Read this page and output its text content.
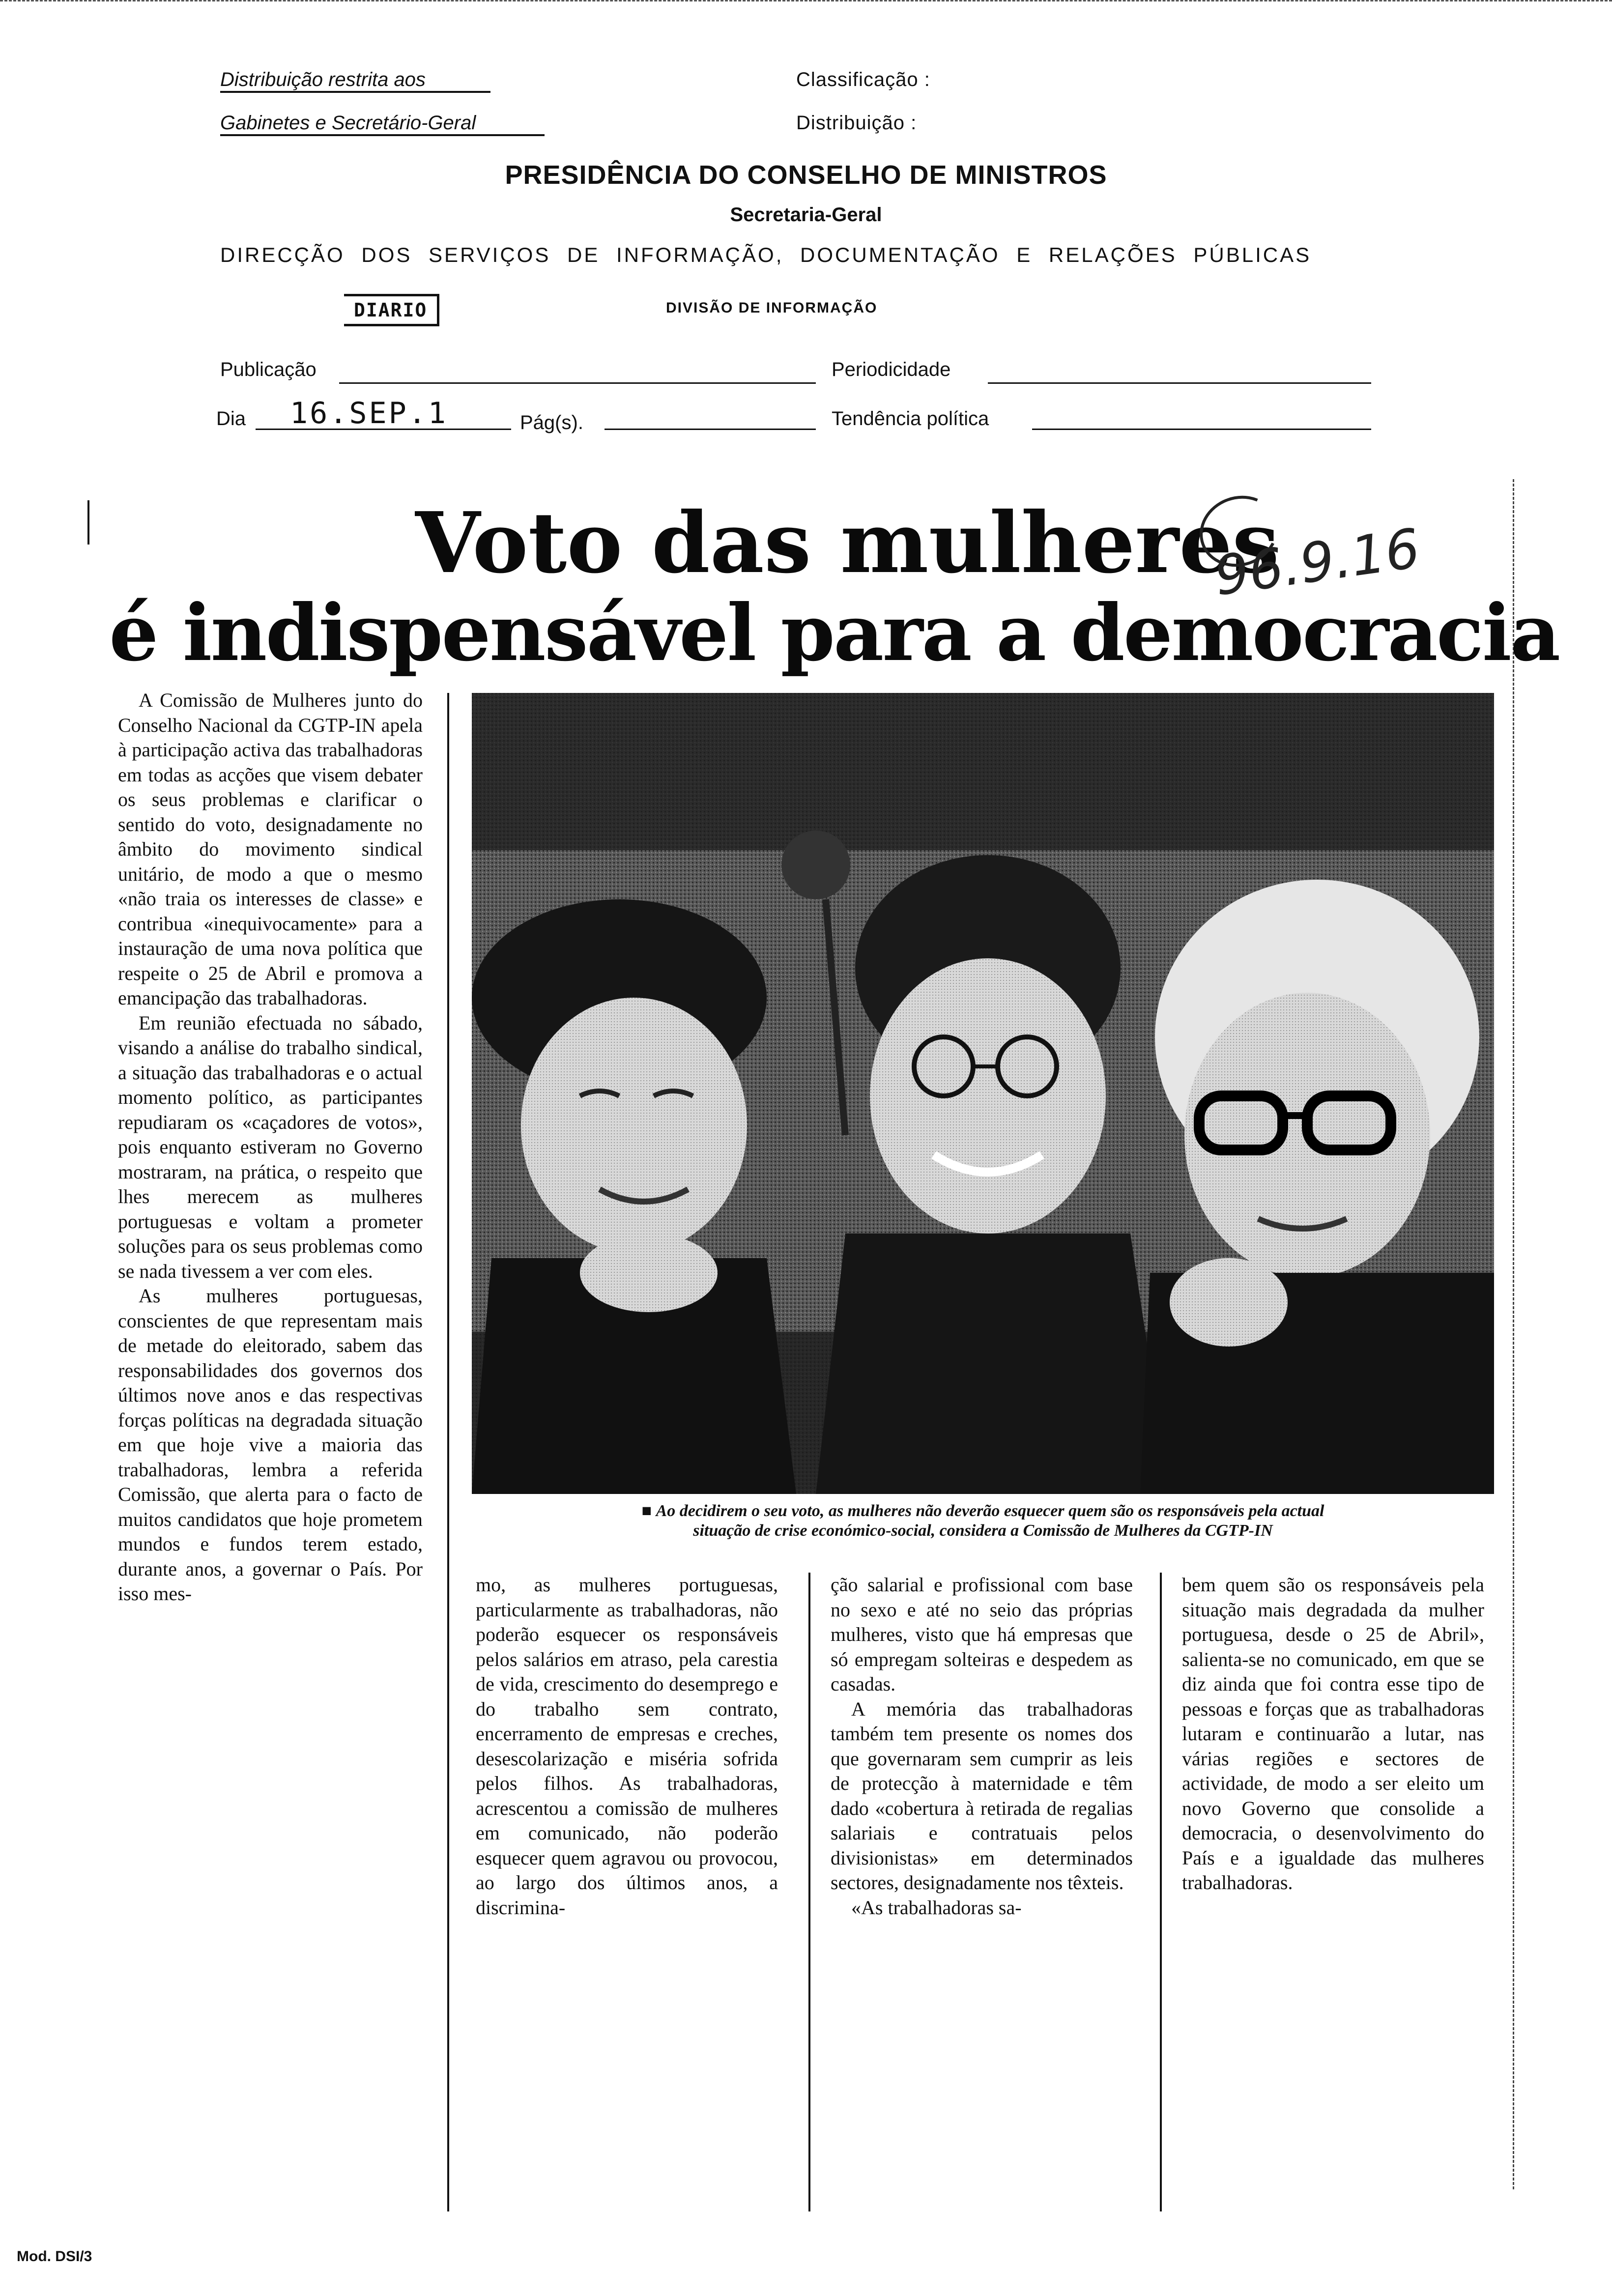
Distribuição restrita aos
Gabinetes e Secretário-Geral
Classificação :
Distribuição :
PRESIDÊNCIA DO CONSELHO DE MINISTROS
Secretaria-Geral
DIRECÇÃO DOS SERVIÇOS DE INFORMAÇÃO, DOCUMENTAÇÃO E RELAÇÕES PÚBLICAS
DIARIO	DIVISÃO DE INFORMAÇÃO
Publicação	Periodicidade
Dia 16.SEP.1	Pág(s).	Tendência política
Voto das mulheres
é indispensável para a democracia
96.9.16

A Comissão de Mulheres junto do Conselho Nacional da CGTP-IN apela à participação activa das trabalhadoras em todas as acções que visem debater os seus problemas e clarificar o sentido do voto, designadamente no âmbito do movimento sindical unitário, de modo a que o mesmo «não traia os interesses de classe» e contribua «inequivocamente» para a instauração de uma nova política que respeite o 25 de Abril e promova a emancipação das trabalhadoras.

Em reunião efectuada no sábado, visando a análise do trabalho sindical, a situação das trabalhadoras e o actual momento político, as participantes repudiaram os «caçadores de votos», pois enquanto estiveram no Governo mostraram, na prática, o respeito que lhes merecem as mulheres portuguesas e voltam a prometer soluções para os seus problemas como se nada tivessem a ver com eles.

As mulheres portuguesas, conscientes de que representam mais de metade do eleitorado, sabem das responsabilidades dos governos dos últimos nove anos e das respectivas forças políticas na degradada situação em que hoje vive a maioria das trabalhadoras, lembra a referida Comissão, que alerta para o facto de muitos candidatos que hoje prometem mundos e fundos terem estado, durante anos, a governar o País. Por isso mes-

■ Ao decidirem o seu voto, as mulheres não deverão esquecer quem são os responsáveis pela actual
situação de crise económico-social, considera a Comissão de Mulheres da CGTP-IN

mo, as mulheres portuguesas, particularmente as trabalhadoras, não poderão esquecer os responsáveis pelos salários em atraso, pela carestia de vida, crescimento do desemprego e do trabalho sem contrato, encerramento de empresas e creches, desescolarização e miséria sofrida pelos filhos. As trabalhadoras, acrescentou a comissão de mulheres em comunicado, não poderão esquecer quem agravou ou provocou, ao largo dos últimos anos, a discrimina-

ção salarial e profissional com base no sexo e até no seio das próprias mulheres, visto que há empresas que só empregam solteiras e despedem as casadas.

A memória das trabalhadoras também tem presente os nomes dos que governaram sem cumprir as leis de protecção à maternidade e têm dado «cobertura à retirada de regalias salariais e contratuais pelos divisionistas» em determinados sectores, designadamente nos têxteis.

«As trabalhadoras sa-

bem quem são os responsáveis pela situação mais degradada da mulher portuguesa, desde o 25 de Abril», salienta-se no comunicado, em que se diz ainda que foi contra esse tipo de pessoas e forças que as trabalhadoras lutaram e continuarão a lutar, nas várias regiões e sectores de actividade, de modo a ser eleito um novo Governo que consolide a democracia, o desenvolvimento do País e a igualdade das mulheres trabalhadoras.

Mod. DSI/3
